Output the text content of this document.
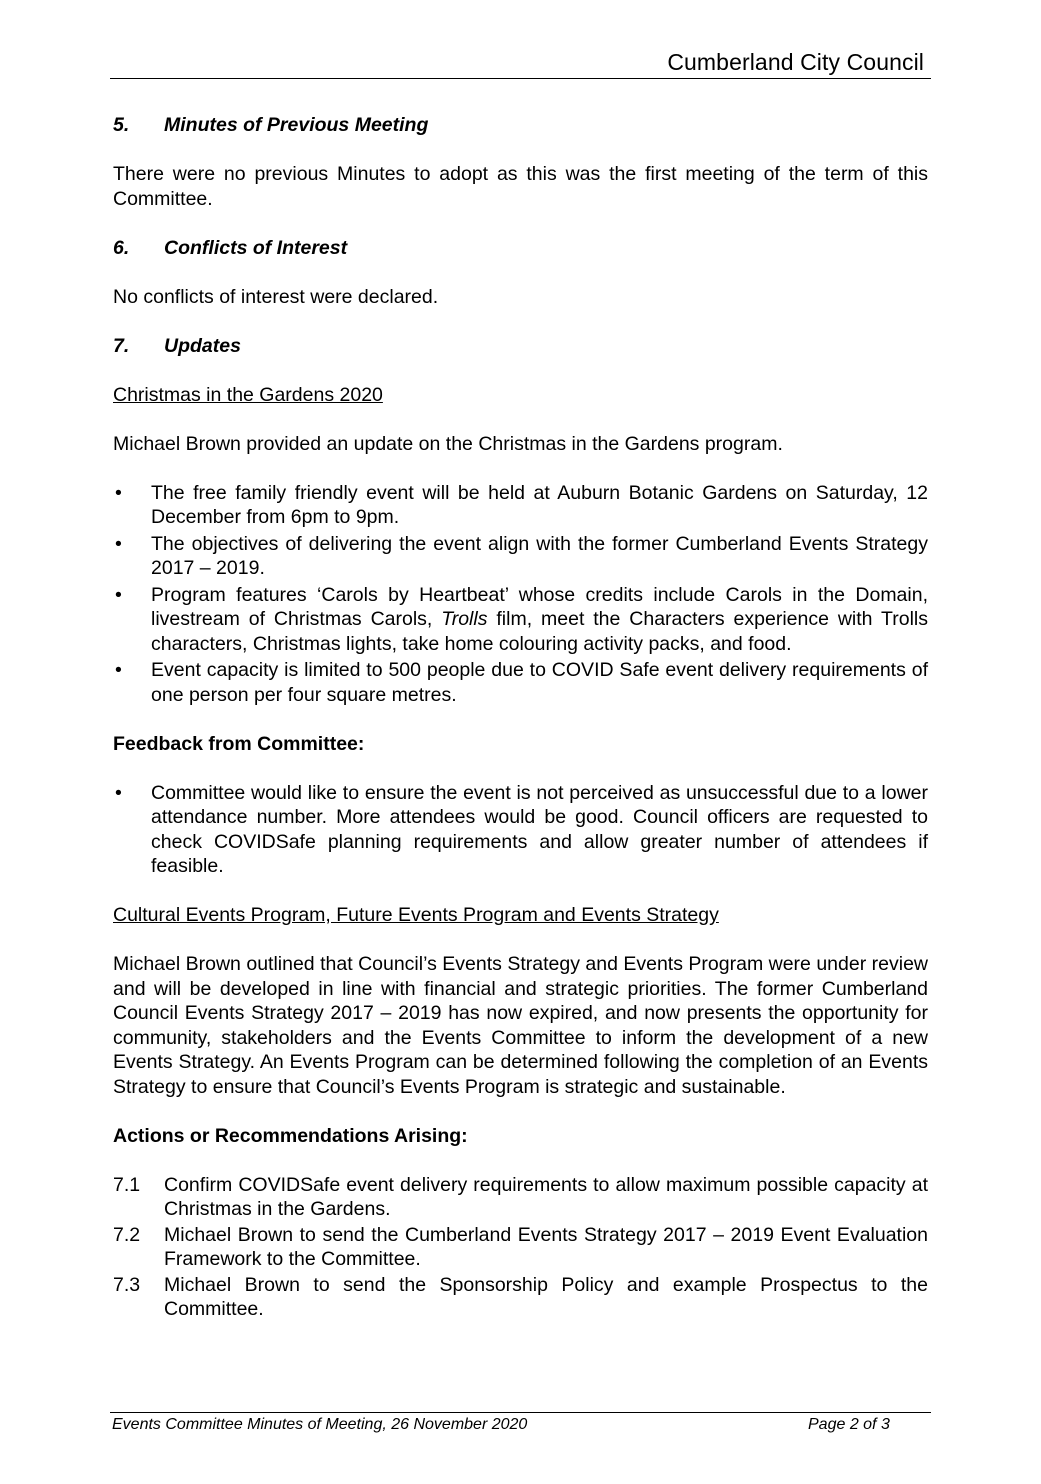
Cumberland City Council
5.	Minutes of Previous Meeting

There were no previous Minutes to adopt as this was the first meeting of the term of this Committee.

6.	Conflicts of Interest

No conflicts of interest were declared.

7.	Updates
Christmas in the Gardens 2020

Michael Brown provided an update on the Christmas in the Gardens program.

• The free family friendly event will be held at Auburn Botanic Gardens on Saturday, 12 December from 6pm to 9pm.
• The objectives of delivering the event align with the former Cumberland Events Strategy 2017 – 2019.
• Program features ‘Carols by Heartbeat’ whose credits include Carols in the Domain, livestream of Christmas Carols, Trolls film, meet the Characters experience with Trolls characters, Christmas lights, take home colouring activity packs, and food.
• Event capacity is limited to 500 people due to COVID Safe event delivery requirements of one person per four square metres.
Feedback from Committee:
• Committee would like to ensure the event is not perceived as unsuccessful due to a lower attendance number. More attendees would be good. Council officers are requested to check COVIDSafe planning requirements and allow greater number of attendees if feasible.
Cultural Events Program, Future Events Program and Events Strategy

Michael Brown outlined that Council’s Events Strategy and Events Program were under review and will be developed in line with financial and strategic priorities. The former Cumberland Council Events Strategy 2017 – 2019 has now expired, and now presents the opportunity for community, stakeholders and the Events Committee to inform the development of a new Events Strategy. An Events Program can be determined following the completion of an Events Strategy to ensure that Council’s Events Program is strategic and sustainable.

Actions or Recommendations Arising:
7.1	Confirm COVIDSafe event delivery requirements to allow maximum possible capacity at Christmas in the Gardens.
7.2	Michael Brown to send the Cumberland Events Strategy 2017 – 2019 Event Evaluation Framework to the Committee.
7.3	Michael Brown to send the Sponsorship Policy and example Prospectus to the Committee.
Events Committee Minutes of Meeting, 26 November 2020	Page 2 of 3
